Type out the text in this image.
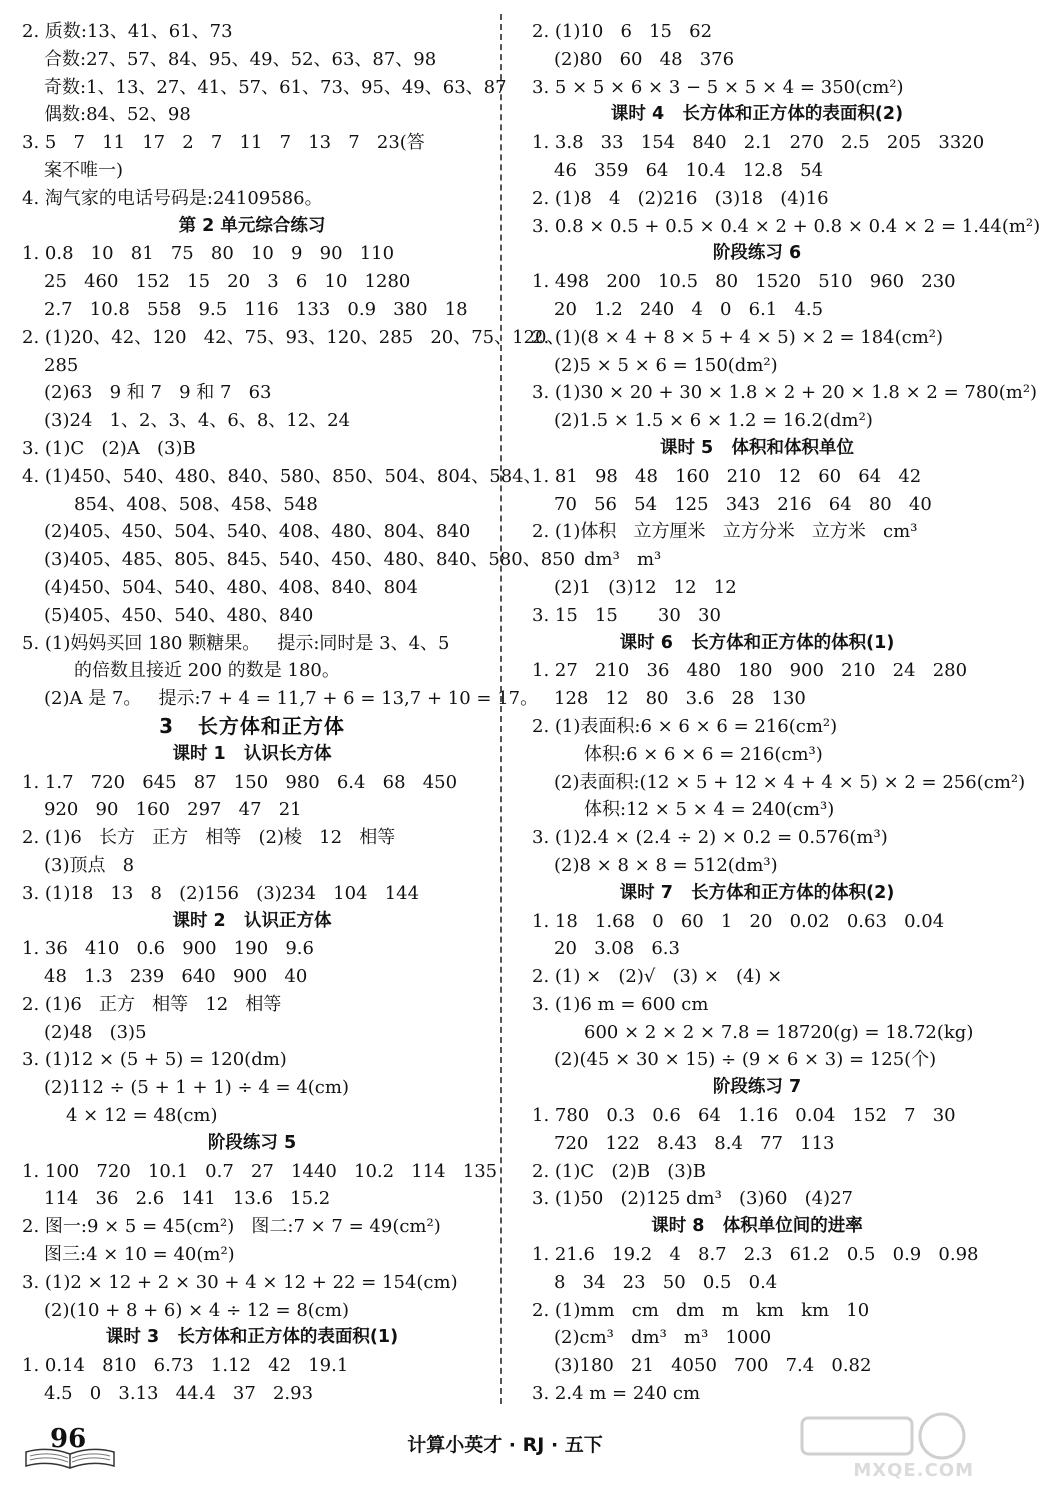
2. 质数:13、41、61、73
合数:27、57、84、95、49、52、63、87、98
奇数:1、13、27、41、57、61、73、95、49、63、87
偶数:84、52、98
3. 5   7   11   17   2   7   11   7   13   7   23(答
案不唯一)
4. 淘气家的电话号码是:24109586。
第 2 单元综合练习
1. 0.8   10   81   75   80   10   9   90   110
25   460   152   15   20   3   6   10   1280
2.7   10.8   558   9.5   116   133   0.9   380   18
2. (1)20、42、120   42、75、93、120、285   20、75、120、
285
(2)63   9 和 7   9 和 7   63
(3)24   1、2、3、4、6、8、12、24
3. (1)C   (2)A   (3)B
4. (1)450、540、480、840、580、850、504、804、584、
854、408、508、458、548
(2)405、450、504、540、408、480、804、840
(3)405、485、805、845、540、450、480、840、580、850
(4)450、504、540、480、408、840、804
(5)405、450、540、480、840
5. (1)妈妈买回 180 颗糖果。   提示:同时是 3、4、5
的倍数且接近 200 的数是 180。
(2)A 是 7。   提示:7 + 4 = 11,7 + 6 = 13,7 + 10 = 17。
3   长方体和正方体
课时 1   认识长方体
1. 1.7   720   645   87   150   980   6.4   68   450
920   90   160   297   47   21
2. (1)6   长方   正方   相等   (2)棱   12   相等
(3)顶点   8
3. (1)18   13   8   (2)156   (3)234   104   144
课时 2   认识正方体
1. 36   410   0.6   900   190   9.6
48   1.3   239   640   900   40
2. (1)6   正方   相等   12   相等
(2)48   (3)5
3. (1)12 × (5 + 5) = 120(dm)
(2)112 ÷ (5 + 1 + 1) ÷ 4 = 4(cm)
4 × 12 = 48(cm)
阶段练习 5
1. 100   720   10.1   0.7   27   1440   10.2   114   135
114   36   2.6   141   13.6   15.2
2. 图一:9 × 5 = 45(cm²)   图二:7 × 7 = 49(cm²)
图三:4 × 10 = 40(m²)
3. (1)2 × 12 + 2 × 30 + 4 × 12 + 22 = 154(cm)
(2)(10 + 8 + 6) × 4 ÷ 12 = 8(cm)
课时 3   长方体和正方体的表面积(1)
1. 0.14   810   6.73   1.12   42   19.1
4.5   0   3.13   44.4   37   2.93
2. (1)10   6   15   62
(2)80   60   48   376
3. 5 × 5 × 6 × 3 − 5 × 5 × 4 = 350(cm²)
课时 4   长方体和正方体的表面积(2)
1. 3.8   33   154   840   2.1   270   2.5   205   3320
46   359   64   10.4   12.8   54
2. (1)8   4   (2)216   (3)18   (4)16
3. 0.8 × 0.5 + 0.5 × 0.4 × 2 + 0.8 × 0.4 × 2 = 1.44(m²)
阶段练习 6
1. 498   200   10.5   80   1520   510   960   230
20   1.2   240   4   0   6.1   4.5
2. (1)(8 × 4 + 8 × 5 + 4 × 5) × 2 = 184(cm²)
(2)5 × 5 × 6 = 150(dm²)
3. (1)30 × 20 + 30 × 1.8 × 2 + 20 × 1.8 × 2 = 780(m²)
(2)1.5 × 1.5 × 6 × 1.2 = 16.2(dm²)
课时 5   体积和体积单位
1. 81   98   48   160   210   12   60   64   42
70   56   54   125   343   216   64   80   40
2. (1)体积   立方厘米   立方分米   立方米   cm³
dm³   m³
(2)1   (3)12   12   12
3. 15   15       30   30
课时 6   长方体和正方体的体积(1)
1. 27   210   36   480   180   900   210   24   280
128   12   80   3.6   28   130
2. (1)表面积:6 × 6 × 6 = 216(cm²)
体积:6 × 6 × 6 = 216(cm³)
(2)表面积:(12 × 5 + 12 × 4 + 4 × 5) × 2 = 256(cm²)
体积:12 × 5 × 4 = 240(cm³)
3. (1)2.4 × (2.4 ÷ 2) × 0.2 = 0.576(m³)
(2)8 × 8 × 8 = 512(dm³)
课时 7   长方体和正方体的体积(2)
1. 18   1.68   0   60   1   20   0.02   0.63   0.04
20   3.08   6.3
2. (1) ×   (2)√   (3) ×   (4) ×
3. (1)6 m = 600 cm
600 × 2 × 2 × 7.8 = 18720(g) = 18.72(kg)
(2)(45 × 30 × 15) ÷ (9 × 6 × 3) = 125(个)
阶段练习 7
1. 780   0.3   0.6   64   1.16   0.04   152   7   30
720   122   8.43   8.4   77   113
2. (1)C   (2)B   (3)B
3. (1)50   (2)125 dm³   (3)60   (4)27
课时 8   体积单位间的进率
1. 21.6   19.2   4   8.7   2.3   61.2   0.5   0.9   0.98
8   34   23   50   0.5   0.4
2. (1)mm   cm   dm   m   km   km   10
(2)cm³   dm³   m³   1000
(3)180   21   4050   700   7.4   0.82
3. 2.4 m = 240 cm
96	计算小英才 · RJ · 五下
MXQE.COM
